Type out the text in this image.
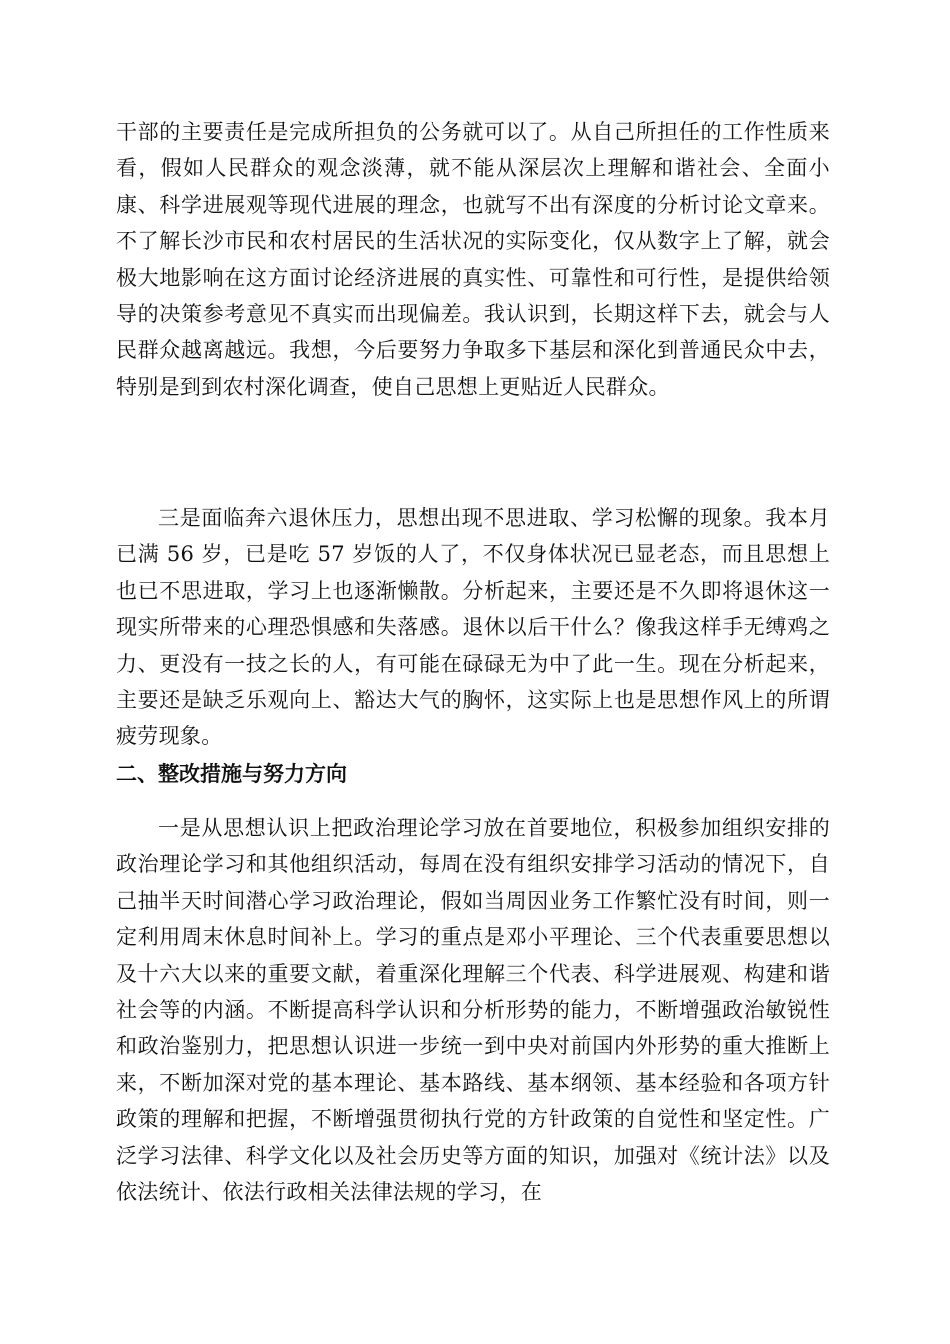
干部的主要责任是完成所担负的公务就可以了。从自己所担任的工作性质来看，假如人民群众的观念淡薄，就不能从深层次上理解和谐社会、全面小康、科学进展观等现代进展的理念，也就写不出有深度的分析讨论文章来。不了解长沙市民和农村居民的生活状况的实际变化，仅从数字上了解，就会极大地影响在这方面讨论经济进展的真实性、可靠性和可行性，是提供给领导的决策参考意见不真实而出现偏差。我认识到，长期这样下去，就会与人民群众越离越远。我想，今后要努力争取多下基层和深化到普通民众中去，特别是到到农村深化调查，使自己思想上更贴近人民群众。

三是面临奔六退休压力，思想出现不思进取、学习松懈的现象。我本月已满 56 岁，已是吃 57 岁饭的人了，不仅身体状况已显老态，而且思想上也已不思进取，学习上也逐渐懒散。分析起来，主要还是不久即将退休这一现实所带来的心理恐惧感和失落感。退休以后干什么？像我这样手无缚鸡之力、更没有一技之长的人，有可能在碌碌无为中了此一生。现在分析起来，主要还是缺乏乐观向上、豁达大气的胸怀，这实际上也是思想作风上的所谓疲劳现象。

二、整改措施与努力方向

一是从思想认识上把政治理论学习放在首要地位，积极参加组织安排的政治理论学习和其他组织活动，每周在没有组织安排学习活动的情况下，自己抽半天时间潜心学习政治理论，假如当周因业务工作繁忙没有时间，则一定利用周末休息时间补上。学习的重点是邓小平理论、三个代表重要思想以及十六大以来的重要文献，着重深化理解三个代表、科学进展观、构建和谐社会等的内涵。不断提高科学认识和分析形势的能力，不断增强政治敏锐性和政治鉴别力，把思想认识进一步统一到中央对前国内外形势的重大推断上来，不断加深对党的基本理论、基本路线、基本纲领、基本经验和各项方针政策的理解和把握，不断增强贯彻执行党的方针政策的自觉性和坚定性。广泛学习法律、科学文化以及社会历史等方面的知识，加强对《统计法》以及依法统计、依法行政相关法律法规的学习，在
